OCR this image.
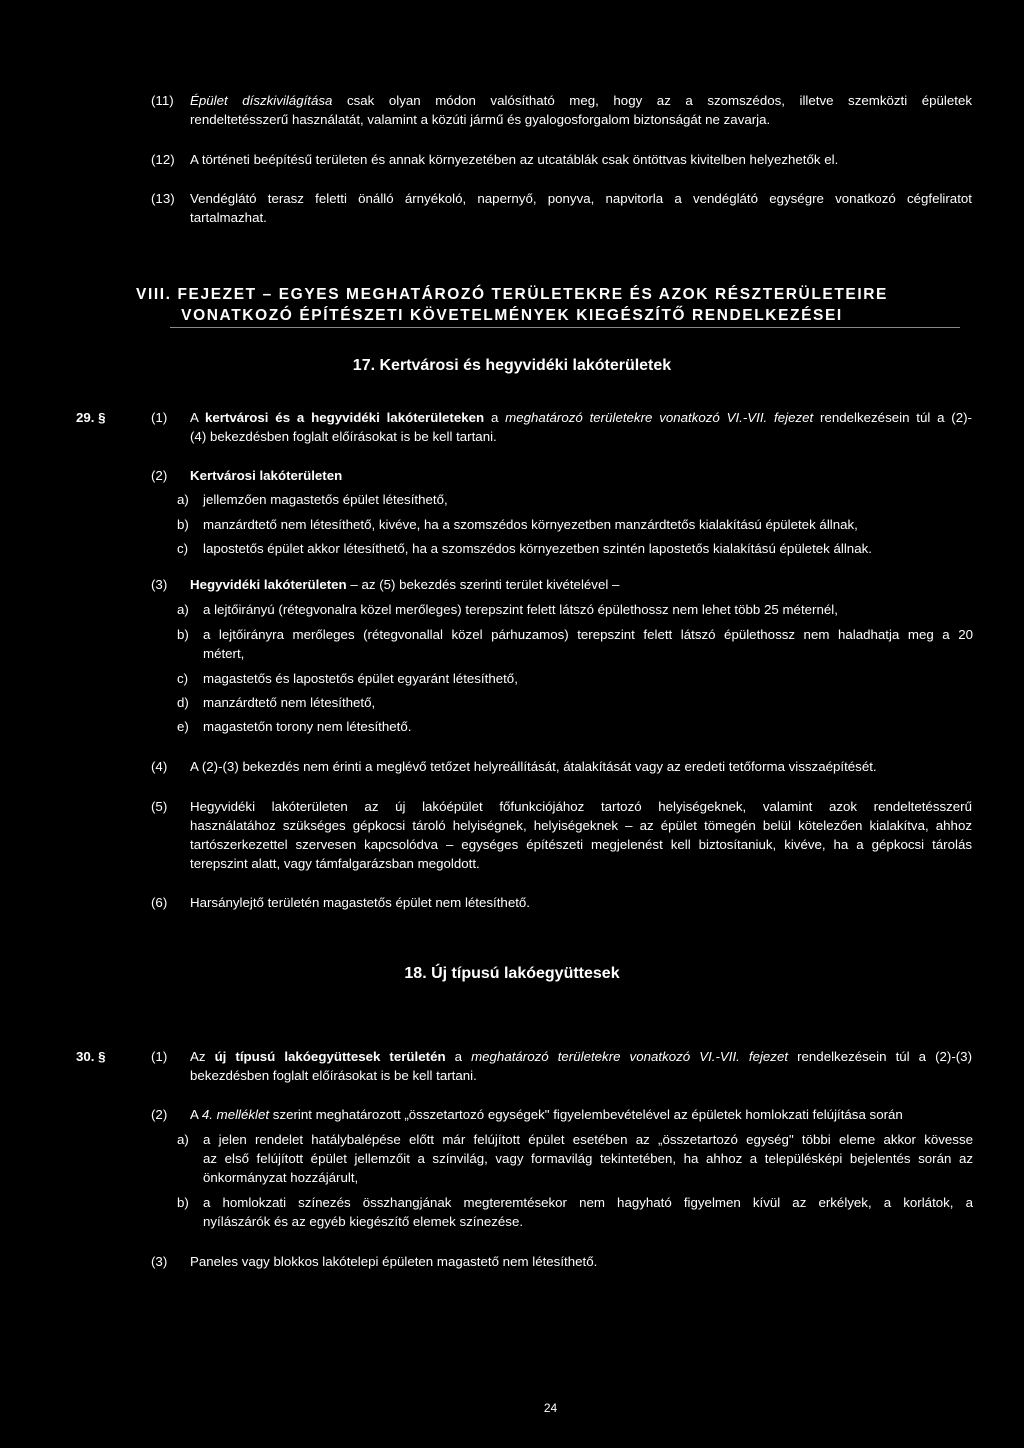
(11) Épület díszkivilágítása csak olyan módon valósítható meg, hogy az a szomszédos, illetve szemközti épületek
rendeltetésszerű használatát, valamint a közúti jármű és gyalogosforgalom biztonságát ne zavarja.
(12) A történeti beépítésű területen és annak környezetében az utcatáblák csak öntöttvas kivitelben helyezhetők el.
(13) Vendéglátó terasz feletti önálló árnyékoló, napernyő, ponyva, napvitorla a vendéglátó egységre vonatkozó cégfeliratot
tartalmazhat.
VIII. FEJEZET – EGYES MEGHATÁROZÓ TERÜLETEKRE ÉS AZOK RÉSZTERÜLETEIRE
VONATKOZÓ ÉPÍTÉSZETI KÖVETELMÉNYEK KIEGÉSZÍTŐ RENDELKEZÉSEI
17. Kertvárosi és hegyvidéki lakóterületek
29. §	(1) A kertvárosi és a hegyvidéki lakóterületeken a meghatározó területekre vonatkozó VI.-VII. fejezet rendelkezésein túl a (2)-
(4) bekezdésben foglalt előírásokat is be kell tartani.
(2) Kertvárosi lakóterületen
a) jellemzően magastetős épület létesíthető,
b) manzárdtető nem létesíthető, kivéve, ha a szomszédos környezetben manzárdtetős kialakítású épületek állnak,
c) lapostetős épület akkor létesíthető, ha a szomszédos környezetben szintén lapostetős kialakítású épületek állnak.
(3) Hegyvidéki lakóterületen – az (5) bekezdés szerinti terület kivételével –
a) a lejtőirányú (rétegvonalra közel merőleges) terepszint felett látszó épülethossz nem lehet több 25 méternél,
b) a lejtőirányra merőleges (rétegvonallal közel párhuzamos) terepszint felett látszó épülethossz nem haladhatja meg a 20
métert,
c) magastetős és lapostetős épület egyaránt létesíthető,
d) manzárdtető nem létesíthető,
e) magastetőn torony nem létesíthető.
(4) A (2)-(3) bekezdés nem érinti a meglévő tetőzet helyreállítását, átalakítását vagy az eredeti tetőforma visszaépítését.
(5) Hegyvidéki lakóterületen az új lakóépület főfunkciójához tartozó helyiségeknek, valamint azok rendeltetésszerű
használatához szükséges gépkocsi tároló helyiségnek, helyiségeknek – az épület tömegén belül kötelezően kialakítva, ahhoz
tartószerkezettel szervesen kapcsolódva – egységes építészeti megjelenést kell biztosítaniuk, kivéve, ha a gépkocsi tárolás
terepszint alatt, vagy támfalgarázsban megoldott.
(6) Harsánylejtő területén magastetős épület nem létesíthető.
18. Új típusú lakóegyüttesek
30. §	(1) Az új típusú lakóegyüttesek területén a meghatározó területekre vonatkozó VI.-VII. fejezet rendelkezésein túl a (2)-(3)
bekezdésben foglalt előírásokat is be kell tartani.
(2) A 4. melléklet szerint meghatározott „összetartozó egységek" figyelembevételével az épületek homlokzati felújítása során
a) a jelen rendelet hatálybalépése előtt már felújított épület esetében az „összetartozó egység" többi eleme akkor kövesse
az első felújított épület jellemzőit a színvilág, vagy formavilág tekintetében, ha ahhoz a településképi bejelentés során az
önkormányzat hozzájárult,
b) a homlokzati színezés összhangjának megteremtésekor nem hagyható figyelmen kívül az erkélyek, a korlátok, a
nyílászárók és az egyéb kiegészítő elemek színezése.
(3) Paneles vagy blokkos lakótelepi épületen magastető nem létesíthető.
24
